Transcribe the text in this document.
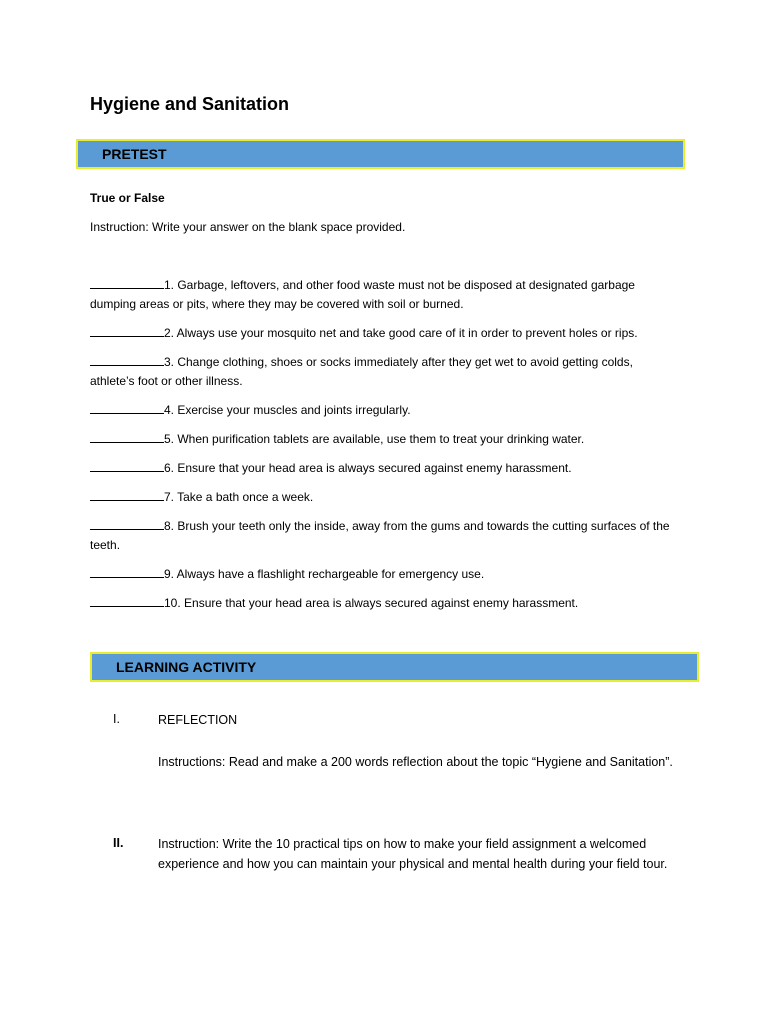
Hygiene and Sanitation
PRETEST
True or False
Instruction: Write your answer on the blank space provided.
1. Garbage, leftovers, and other food waste must not be disposed at designated garbage dumping areas or pits, where they may be covered with soil or burned.
2. Always use your mosquito net and take good care of it in order to prevent holes or rips.
3. Change clothing, shoes or socks immediately after they get wet to avoid getting colds, athlete’s foot or other illness.
4. Exercise your muscles and joints irregularly.
5. When purification tablets are available, use them to treat your drinking water.
6. Ensure that your head area is always secured against enemy harassment.
7. Take a bath once a week.
8. Brush your teeth only the inside, away from the gums and towards the cutting surfaces of the teeth.
9. Always have a flashlight rechargeable for emergency use.
10. Ensure that your head area is always secured against enemy harassment.
LEARNING ACTIVITY
I.	REFLECTION
Instructions: Read and make a 200 words reflection about the topic “Hygiene and Sanitation”.
II.	Instruction: Write the 10 practical tips on how to make your field assignment a welcomed experience and how you can maintain your physical and mental health during your field tour.
